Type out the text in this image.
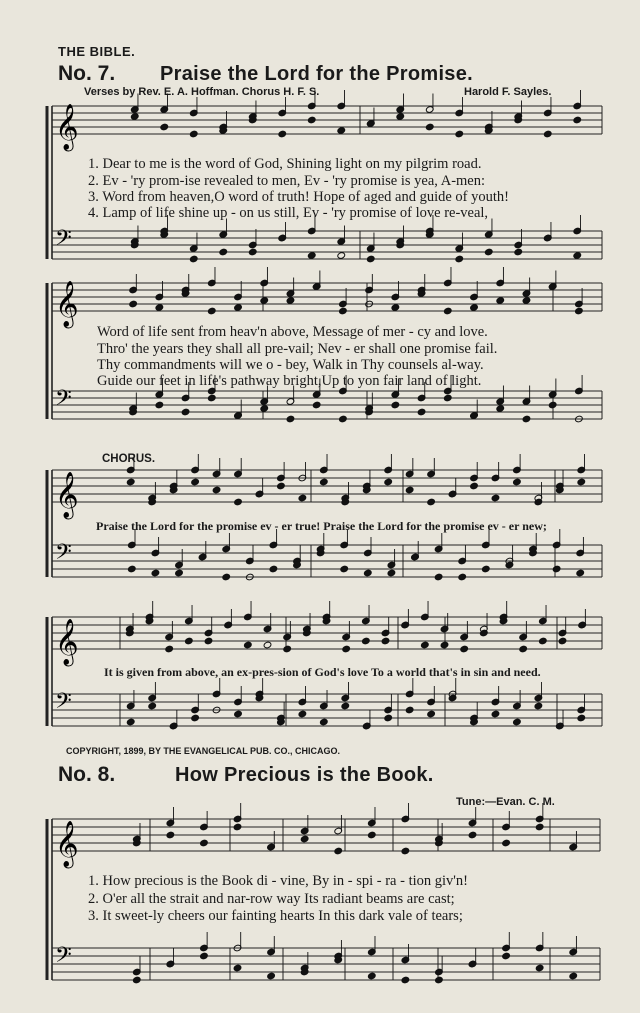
THE BIBLE.
No. 7. Praise the Lord for the Promise.
Verses by Rev. E. A. Hoffman. Chorus H. F. S.	Harold F. Sayles.
𝄞
𝄢
𝄞
𝄢
𝄞
𝄢
𝄞
𝄢
𝄞
𝄢
1. Dear to me is the word of God, Shining light on my pilgrim road.
2. Ev - 'ry prom-ise revealed to men, Ev - 'ry promise is yea, A-men:
3. Word from heaven,O word of truth! Hope of aged and guide of youth!
4. Lamp of life shine up - on us still, Ev - 'ry promise of love re-veal,
Word of life sent from heav'n above, Message of mer - cy and love.
Thro' the years they shall all pre-vail; Nev - er shall one promise fail.
Thy commandments will we o - bey, Walk in Thy counsels al-way.
Guide our feet in life's pathway bright,Up to yon fair land of light.
CHORUS.
Praise the Lord for the promise ev - er true! Praise the Lord for the promise ev - er new;
It is given from above, an ex-pres-sion of God's love To a world that's in sin and need.
COPYRIGHT, 1899, BY THE EVANGELICAL PUB. CO., CHICAGO.
No. 8.	How Precious is the Book.
Tune:—Evan. C. M.
1. How precious is the Book di - vine, By in - spi - ra - tion giv'n!
2. O'er all the strait and nar-row way Its radiant beams are cast;
3. It sweet-ly cheers our fainting hearts In this dark vale of tears;
